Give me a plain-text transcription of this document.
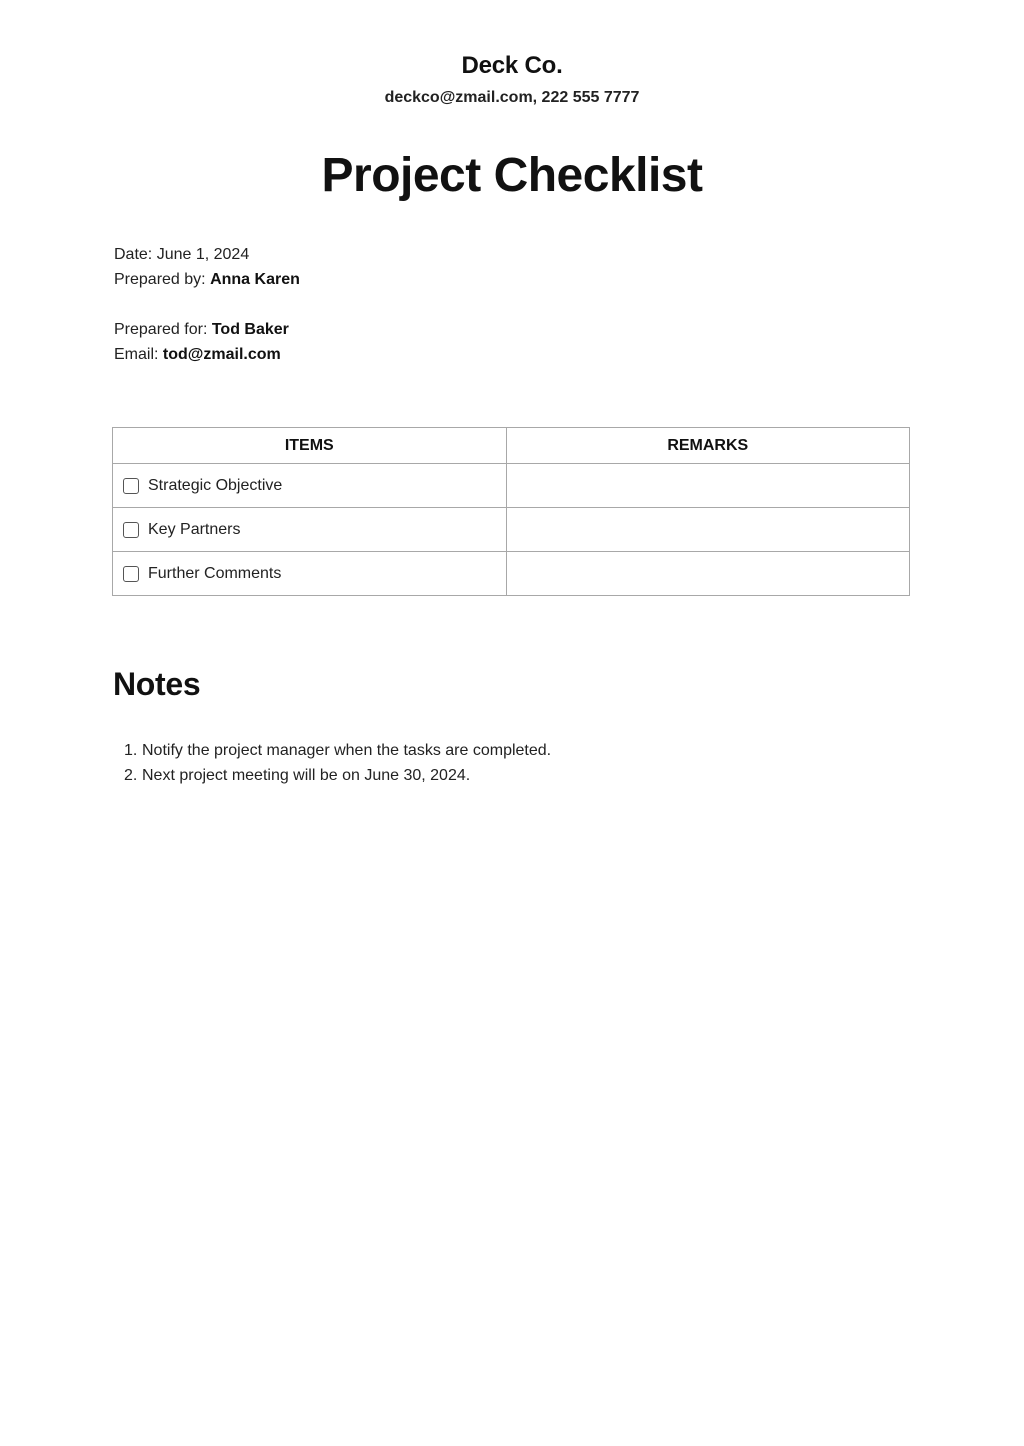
Deck Co.
deckco@zmail.com, 222 555 7777
Project Checklist
Date: June 1, 2024
Prepared by: Anna Karen
Prepared for: Tod Baker
Email: tod@zmail.com
ITEMS	REMARKS

Strategic Objective	

Key Partners	

Further Comments	

Notes
1. Notify the project manager when the tasks are completed.
2. Next project meeting will be on June 30, 2024.
